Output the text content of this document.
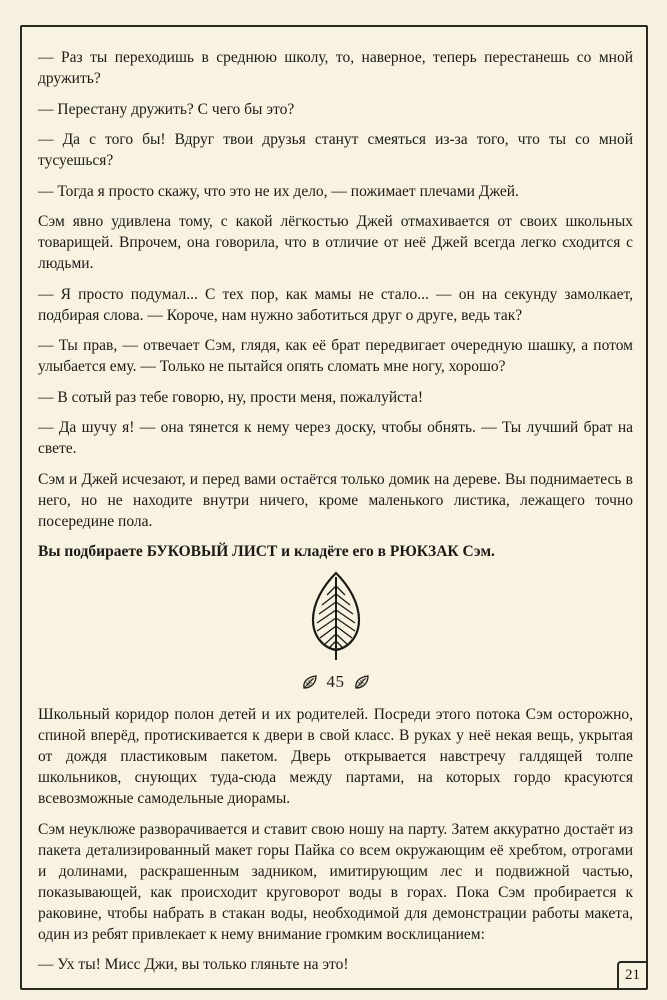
— Раз ты переходишь в среднюю школу, то, наверное, теперь перестанешь со мной дружить?

— Перестану дружить? С чего бы это?

— Да с того бы! Вдруг твои друзья станут смеяться из-за того, что ты со мной тусуешься?

— Тогда я просто скажу, что это не их дело, — пожимает плечами Джей.

Сэм явно удивлена тому, с какой лёгкостью Джей отмахивается от своих школьных товарищей. Впрочем, она говорила, что в отличие от неё Джей всегда легко сходится с людьми.

— Я просто подумал... С тех пор, как мамы не стало... — он на секунду замолкает, подбирая слова. — Короче, нам нужно заботиться друг о друге, ведь так?

— Ты прав, — отвечает Сэм, глядя, как её брат передвигает очередную шашку, а потом улыбается ему. — Только не пытайся опять сломать мне ногу, хорошо?

— В сотый раз тебе говорю, ну, прости меня, пожалуйста!

— Да шучу я! — она тянется к нему через доску, чтобы обнять. — Ты лучший брат на свете.

Сэм и Джей исчезают, и перед вами остаётся только домик на дереве. Вы поднимаетесь в него, но не находите внутри ничего, кроме маленького листика, лежащего точно посередине пола.

Вы подбираете БУКОВЫЙ ЛИСТ и кладёте его в РЮКЗАК Сэм.

45

Школьный коридор полон детей и их родителей. Посреди этого потока Сэм осторожно, спиной вперёд, протискивается к двери в свой класс. В руках у неё некая вещь, укрытая от дождя пластиковым пакетом. Дверь открывается навстречу галдящей толпе школьников, снующих туда-сюда между партами, на которых гордо красуются всевозможные самодельные диорамы.

Сэм неуклюже разворачивается и ставит свою ношу на парту. Затем аккуратно достаёт из пакета детализированный макет горы Пайка со всем окружающим её хребтом, отрогами и долинами, раскрашенным задником, имитирующим лес и подвижной частью, показывающей, как происходит круговорот воды в горах. Пока Сэм пробирается к раковине, чтобы набрать в стакан воды, необходимой для демонстрации работы макета, один из ребят привлекает к нему внимание громким восклицанием:

— Ух ты! Мисс Джи, вы только гляньте на это!

21
